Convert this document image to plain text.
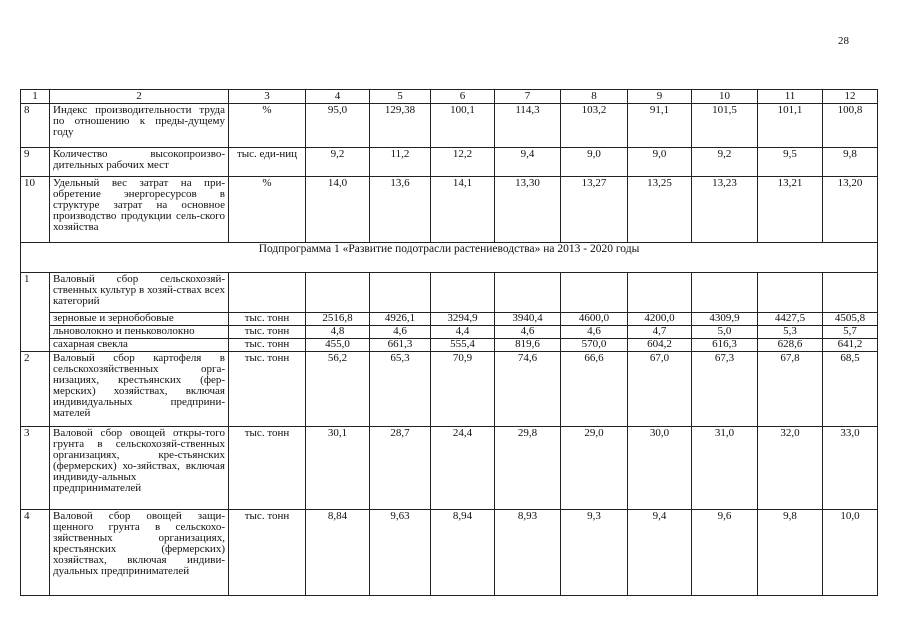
28
1	2	3	4	5	6	7	8	9	10	11	12
8	Индекс производительности труда по отношению к преды-дущему году	%	95,0	129,38	100,1	114,3	103,2	91,1	101,5	101,1	100,8
9	Количество высокопроизво-дительных рабочих мест	тыс. еди-ниц	9,2	11,2	12,2	9,4	9,0	9,0	9,2	9,5	9,8
10	Удельный вес затрат на при-обретение энергоресурсов в структуре затрат на основное производство продукции сель-ского хозяйства	%	14,0	13,6	14,1	13,30	13,27	13,25	13,23	13,21	13,20
Подпрограмма 1 «Развитие подотрасли растениеводства» на 2013 - 2020 годы											
1	Валовый сбор сельскохозяй-ственных культур в хозяй-ствах всех категорий										
	зерновые и зернобобовые	тыс. тонн	2516,8	4926,1	3294,9	3940,4	4600,0	4200,0	4309,9	4427,5	4505,8
	льноволокно и пеньковолокно	тыс. тонн	4,8	4,6	4,4	4,6	4,6	4,7	5,0	5,3	5,7
	сахарная свекла	тыс. тонн	455,0	661,3	555,4	819,6	570,0	604,2	616,3	628,6	641,2
2	Валовый сбор картофеля в сельскохозяйственных орга-низациях, крестьянских (фер-мерских) хозяйствах, включая индивидуальных предприни-мателей	тыс. тонн	56,2	65,3	70,9	74,6	66,6	67,0	67,3	67,8	68,5
3	Валовой сбор овощей откры-того грунта в сельскохозяй-ственных организациях, кре-стьянских (фермерских) хо-зяйствах, включая индивиду-альных предпринимателей	тыс. тонн	30,1	28,7	24,4	29,8	29,0	30,0	31,0	32,0	33,0
4	Валовой сбор овощей защи-щенного грунта в сельскохо-зяйственных организациях, крестьянских (фермерских) хозяйствах, включая индиви-дуальных предпринимателей	тыс. тонн	8,84	9,63	8,94	8,93	9,3	9,4	9,6	9,8	10,0
